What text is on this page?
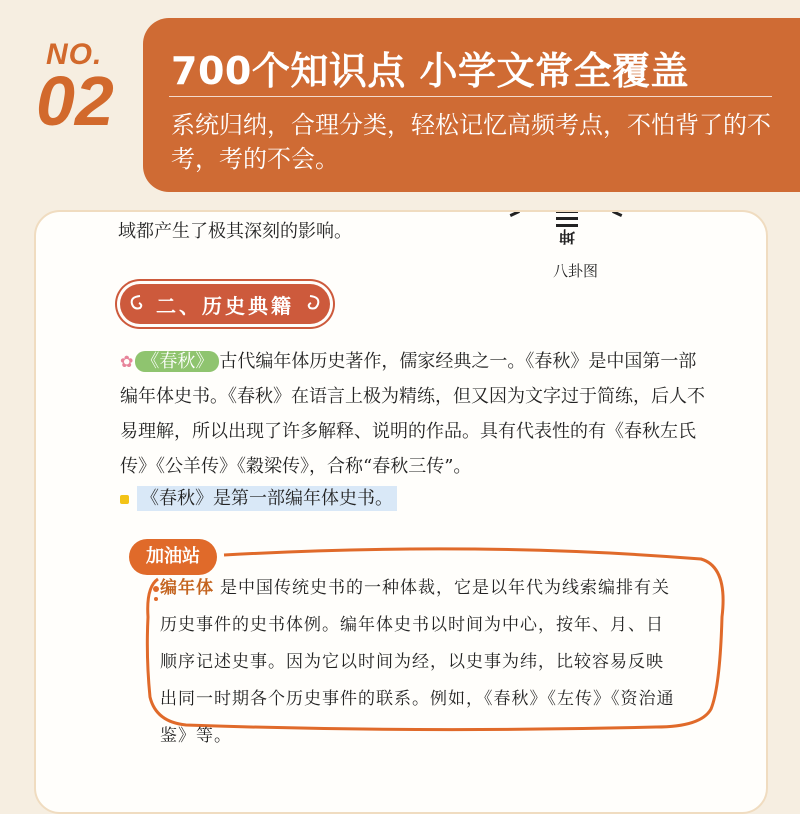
NO.
02 700个知识点 小学文常全覆盖
系统归纳，合理分类，轻松记忆高频考点，不怕背了的不考，考的不会。
域都产生了极其深刻的影响。	坤
八卦图
二、历史典籍
✿ 《春秋》 古代编年体历史著作，儒家经典之一。《春秋》是中国第一部编年体史书。《春秋》在语言上极为精练，但又因为文字过于简练，后人不易理解，所以出现了许多解释、说明的作品。具有代表性的有《春秋左氏传》《公羊传》《穀梁传》，合称“春秋三传”。
《春秋》是第一部编年体史书。
加油站
编年体 是中国传统史书的一种体裁，它是以年代为线索编排有关历史事件的史书体例。编年体史书以时间为中心，按年、月、日顺序记述史事。因为它以时间为经，以史事为纬，比较容易反映出同一时期各个历史事件的联系。例如，《春秋》《左传》《资治通鉴》等。
